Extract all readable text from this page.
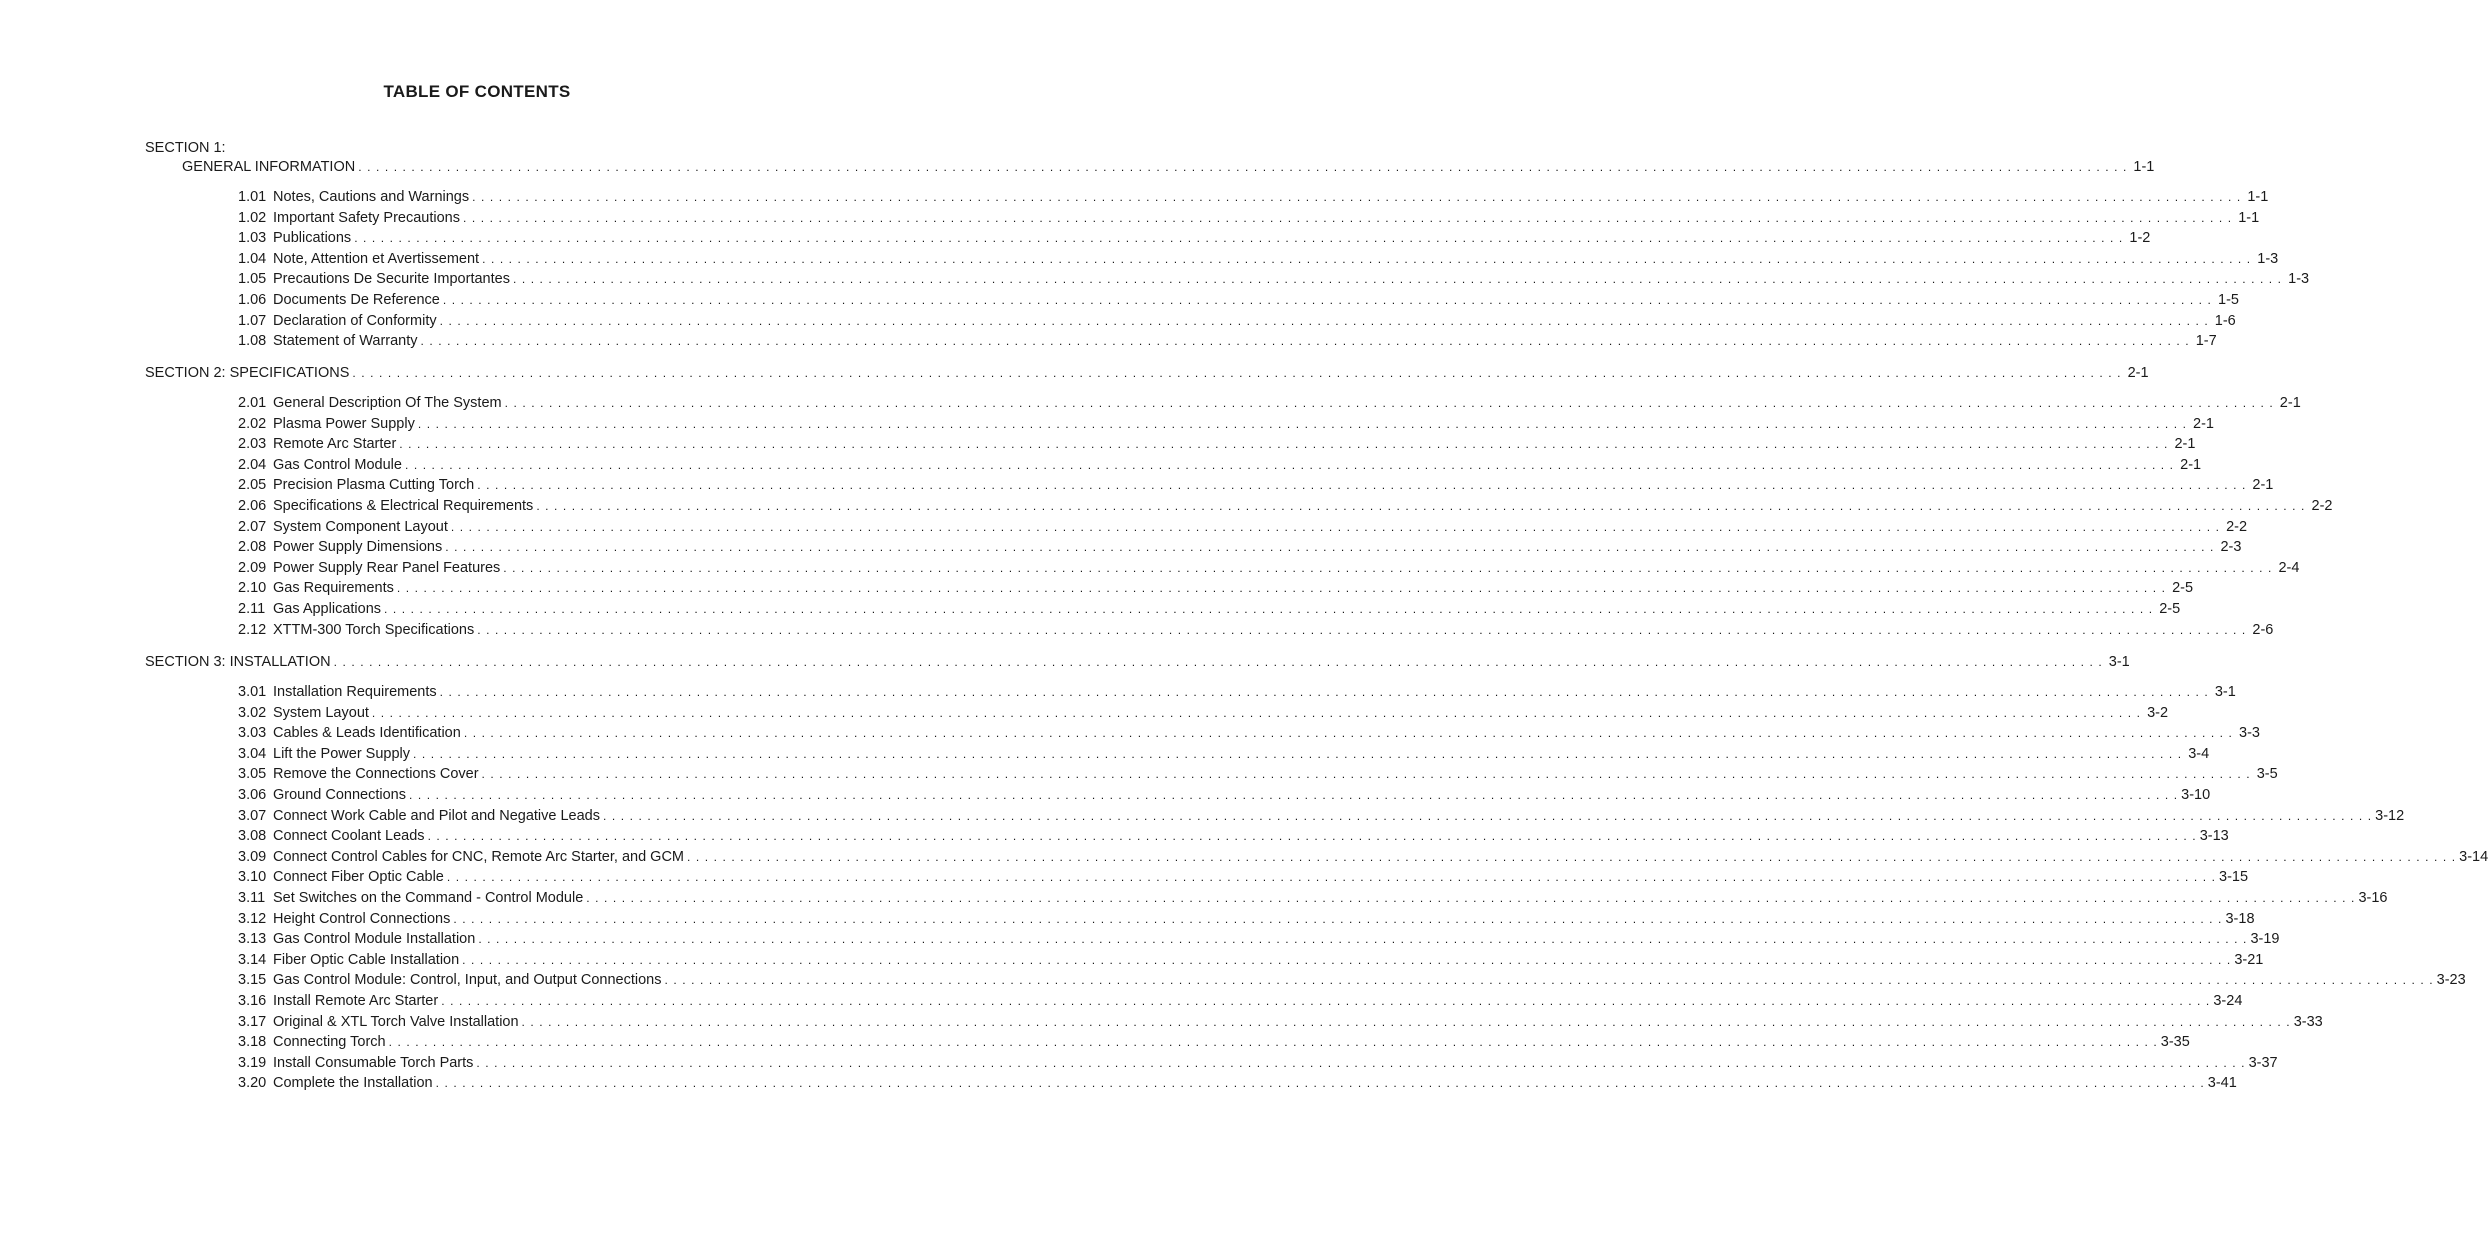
TABLE OF CONTENTS
SECTION 1:
GENERAL INFORMATION . . . . . . . . . . . . . . . . . . . . . . . . . . . . . . . . . . . . . . . . . . . . . . . . . . . . . . . . . . . . . . . . . . . . . . . . . . . . . . . . . . . . . . . . . . . . . . . . . . . . . . . . . . . . . . . . . . . . . . . . . . . . . . . . . . . . . . . . . . . . . . . . . . . . . . . . . . . . . . . . . . . . . . . . . . . . . . . . . . . . . . . . . . . . . . . . . . . . . . . . 1-1
1.01 Notes, Cautions and Warnings . . . . . . . . . . . . . . . . . . . . . . . . . . . . . . . . . . . . . . . . . . . . . . . . . . . . . . . . . . . . . . . . . . . . . . . . . . . . . . . . . . . . . . . . . . . . . . . . . . . . . . . . . . . . . . . . . . . . . . . . . . . . . . . . . . . . . . . . . . . . . . . . . . . . . . . . . . . . . . . . . . . . . . . . . . . . . . . . . . . . . . . . . . . . . . . . . . . . . . . . 1-1
1.02 Important Safety Precautions . . . . . . . . . . . . . . . . . . . . . . . . . . . . . . . . . . . . . . . . . . . . . . . . . . . . . . . . . . . . . . . . . . . . . . . . . . . . . . . . . . . . . . . . . . . . . . . . . . . . . . . . . . . . . . . . . . . . . . . . . . . . . . . . . . . . . . . . . . . . . . . . . . . . . . . . . . . . . . . . . . . . . . . . . . . . . . . . . . . . . . . . . . . . . . . . . . . . . . . . 1-1
1.03 Publications . . . . . . . . . . . . . . . . . . . . . . . . . . . . . . . . . . . . . . . . . . . . . . . . . . . . . . . . . . . . . . . . . . . . . . . . . . . . . . . . . . . . . . . . . . . . . . . . . . . . . . . . . . . . . . . . . . . . . . . . . . . . . . . . . . . . . . . . . . . . . . . . . . . . . . . . . . . . . . . . . . . . . . . . . . . . . . . . . . . . . . . . . . . . . . . . . . . . . . . . 1-2
1.04 Note, Attention et Avertissement . . . . . . . . . . . . . . . . . . . . . . . . . . . . . . . . . . . . . . . . . . . . . . . . . . . . . . . . . . . . . . . . . . . . . . . . . . . . . . . . . . . . . . . . . . . . . . . . . . . . . . . . . . . . . . . . . . . . . . . . . . . . . . . . . . . . . . . . . . . . . . . . . . . . . . . . . . . . . . . . . . . . . . . . . . . . . . . . . . . . . . . . . . . . . . . . . . . . . . . . 1-3
1.05 Precautions De Securite Importantes . . . . . . . . . . . . . . . . . . . . . . . . . . . . . . . . . . . . . . . . . . . . . . . . . . . . . . . . . . . . . . . . . . . . . . . . . . . . . . . . . . . . . . . . . . . . . . . . . . . . . . . . . . . . . . . . . . . . . . . . . . . . . . . . . . . . . . . . . . . . . . . . . . . . . . . . . . . . . . . . . . . . . . . . . . . . . . . . . . . . . . . . . . . . . . . . . . . . . . . . 1-3
1.06 Documents De Reference . . . . . . . . . . . . . . . . . . . . . . . . . . . . . . . . . . . . . . . . . . . . . . . . . . . . . . . . . . . . . . . . . . . . . . . . . . . . . . . . . . . . . . . . . . . . . . . . . . . . . . . . . . . . . . . . . . . . . . . . . . . . . . . . . . . . . . . . . . . . . . . . . . . . . . . . . . . . . . . . . . . . . . . . . . . . . . . . . . . . . . . . . . . . . . . . . . . . . . . . 1-5
1.07 Declaration of Conformity . . . . . . . . . . . . . . . . . . . . . . . . . . . . . . . . . . . . . . . . . . . . . . . . . . . . . . . . . . . . . . . . . . . . . . . . . . . . . . . . . . . . . . . . . . . . . . . . . . . . . . . . . . . . . . . . . . . . . . . . . . . . . . . . . . . . . . . . . . . . . . . . . . . . . . . . . . . . . . . . . . . . . . . . . . . . . . . . . . . . . . . . . . . . . . . . . . . . . . . . 1-6
1.08 Statement of Warranty . . . . . . . . . . . . . . . . . . . . . . . . . . . . . . . . . . . . . . . . . . . . . . . . . . . . . . . . . . . . . . . . . . . . . . . . . . . . . . . . . . . . . . . . . . . . . . . . . . . . . . . . . . . . . . . . . . . . . . . . . . . . . . . . . . . . . . . . . . . . . . . . . . . . . . . . . . . . . . . . . . . . . . . . . . . . . . . . . . . . . . . . . . . . . . . . . . . . . . . . 1-7
SECTION 2: SPECIFICATIONS . . . . . . . . . . . . . . . . . . . . . . . . . . . . . . . . . . . . . . . . . . . . . . . . . . . . . . . . . . . . . . . . . . . . . . . . . . . . . . . . . . . . . . . . . . . . . . . . . . . . . . . . . . . . . . . . . . . . . . . . . . . . . . . . . . . . . . . . . . . . . . . . . . . . . . . . . . . . . . . . . . . . . . . . . . . . . . . . . . . . . . . . . . . . . . . . . . . . . . . . 2-1
2.01 General Description Of The System . . . . . . . . . . . . . . . . . . . . . . . . . . . . . . . . . . . . . . . . . . . . . . . . . . . . . . . . . . . . . . . . . . . . . . . . . . . . . . . . . . . . . . . . . . . . . . . . . . . . . . . . . . . . . . . . . . . . . . . . . . . . . . . . . . . . . . . . . . . . . . . . . . . . . . . . . . . . . . . . . . . . . . . . . . . . . . . . . . . . . . . . . . . . . . . . . . . . . . . . 2-1
2.02 Plasma Power Supply . . . . . . . . . . . . . . . . . . . . . . . . . . . . . . . . . . . . . . . . . . . . . . . . . . . . . . . . . . . . . . . . . . . . . . . . . . . . . . . . . . . . . . . . . . . . . . . . . . . . . . . . . . . . . . . . . . . . . . . . . . . . . . . . . . . . . . . . . . . . . . . . . . . . . . . . . . . . . . . . . . . . . . . . . . . . . . . . . . . . . . . . . . . . . . . . . . . . . . . . 2-1
2.03 Remote Arc Starter . . . . . . . . . . . . . . . . . . . . . . . . . . . . . . . . . . . . . . . . . . . . . . . . . . . . . . . . . . . . . . . . . . . . . . . . . . . . . . . . . . . . . . . . . . . . . . . . . . . . . . . . . . . . . . . . . . . . . . . . . . . . . . . . . . . . . . . . . . . . . . . . . . . . . . . . . . . . . . . . . . . . . . . . . . . . . . . . . . . . . . . . . . . . . . . . . . . . . . . . 2-1
2.04 Gas Control Module . . . . . . . . . . . . . . . . . . . . . . . . . . . . . . . . . . . . . . . . . . . . . . . . . . . . . . . . . . . . . . . . . . . . . . . . . . . . . . . . . . . . . . . . . . . . . . . . . . . . . . . . . . . . . . . . . . . . . . . . . . . . . . . . . . . . . . . . . . . . . . . . . . . . . . . . . . . . . . . . . . . . . . . . . . . . . . . . . . . . . . . . . . . . . . . . . . . . . . . . 2-1
2.05 Precision Plasma Cutting Torch . . . . . . . . . . . . . . . . . . . . . . . . . . . . . . . . . . . . . . . . . . . . . . . . . . . . . . . . . . . . . . . . . . . . . . . . . . . . . . . . . . . . . . . . . . . . . . . . . . . . . . . . . . . . . . . . . . . . . . . . . . . . . . . . . . . . . . . . . . . . . . . . . . . . . . . . . . . . . . . . . . . . . . . . . . . . . . . . . . . . . . . . . . . . . . . . . . . . . . . . 2-1
2.06 Specifications & Electrical Requirements . . . . . . . . . . . . . . . . . . . . . . . . . . . . . . . . . . . . . . . . . . . . . . . . . . . . . . . . . . . . . . . . . . . . . . . . . . . . . . . . . . . . . . . . . . . . . . . . . . . . . . . . . . . . . . . . . . . . . . . . . . . . . . . . . . . . . . . . . . . . . . . . . . . . . . . . . . . . . . . . . . . . . . . . . . . . . . . . . . . . . . . . . . . . . . . . . . . . . . . . 2-2
2.07 System Component Layout . . . . . . . . . . . . . . . . . . . . . . . . . . . . . . . . . . . . . . . . . . . . . . . . . . . . . . . . . . . . . . . . . . . . . . . . . . . . . . . . . . . . . . . . . . . . . . . . . . . . . . . . . . . . . . . . . . . . . . . . . . . . . . . . . . . . . . . . . . . . . . . . . . . . . . . . . . . . . . . . . . . . . . . . . . . . . . . . . . . . . . . . . . . . . . . . . . . . . . . . 2-2
2.08 Power Supply Dimensions . . . . . . . . . . . . . . . . . . . . . . . . . . . . . . . . . . . . . . . . . . . . . . . . . . . . . . . . . . . . . . . . . . . . . . . . . . . . . . . . . . . . . . . . . . . . . . . . . . . . . . . . . . . . . . . . . . . . . . . . . . . . . . . . . . . . . . . . . . . . . . . . . . . . . . . . . . . . . . . . . . . . . . . . . . . . . . . . . . . . . . . . . . . . . . . . . . . . . . . . 2-3
2.09 Power Supply Rear Panel Features . . . . . . . . . . . . . . . . . . . . . . . . . . . . . . . . . . . . . . . . . . . . . . . . . . . . . . . . . . . . . . . . . . . . . . . . . . . . . . . . . . . . . . . . . . . . . . . . . . . . . . . . . . . . . . . . . . . . . . . . . . . . . . . . . . . . . . . . . . . . . . . . . . . . . . . . . . . . . . . . . . . . . . . . . . . . . . . . . . . . . . . . . . . . . . . . . . . . . . . . 2-4
2.10 Gas Requirements . . . . . . . . . . . . . . . . . . . . . . . . . . . . . . . . . . . . . . . . . . . . . . . . . . . . . . . . . . . . . . . . . . . . . . . . . . . . . . . . . . . . . . . . . . . . . . . . . . . . . . . . . . . . . . . . . . . . . . . . . . . . . . . . . . . . . . . . . . . . . . . . . . . . . . . . . . . . . . . . . . . . . . . . . . . . . . . . . . . . . . . . . . . . . . . . . . . . . . . . 2-5
2.11 Gas Applications . . . . . . . . . . . . . . . . . . . . . . . . . . . . . . . . . . . . . . . . . . . . . . . . . . . . . . . . . . . . . . . . . . . . . . . . . . . . . . . . . . . . . . . . . . . . . . . . . . . . . . . . . . . . . . . . . . . . . . . . . . . . . . . . . . . . . . . . . . . . . . . . . . . . . . . . . . . . . . . . . . . . . . . . . . . . . . . . . . . . . . . . . . . . . . . . . . . . . . . . 2-5
2.12 XTTM-300 Torch Specifications . . . . . . . . . . . . . . . . . . . . . . . . . . . . . . . . . . . . . . . . . . . . . . . . . . . . . . . . . . . . . . . . . . . . . . . . . . . . . . . . . . . . . . . . . . . . . . . . . . . . . . . . . . . . . . . . . . . . . . . . . . . . . . . . . . . . . . . . . . . . . . . . . . . . . . . . . . . . . . . . . . . . . . . . . . . . . . . . . . . . . . . . . . . . . . . . . . . . . . . . 2-6
SECTION 3: INSTALLATION . . . . . . . . . . . . . . . . . . . . . . . . . . . . . . . . . . . . . . . . . . . . . . . . . . . . . . . . . . . . . . . . . . . . . . . . . . . . . . . . . . . . . . . . . . . . . . . . . . . . . . . . . . . . . . . . . . . . . . . . . . . . . . . . . . . . . . . . . . . . . . . . . . . . . . . . . . . . . . . . . . . . . . . . . . . . . . . . . . . . . . . . . . . . . . . . . . . . . . . . 3-1
3.01 Installation Requirements . . . . . . . . . . . . . . . . . . . . . . . . . . . . . . . . . . . . . . . . . . . . . . . . . . . . . . . . . . . . . . . . . . . . . . . . . . . . . . . . . . . . . . . . . . . . . . . . . . . . . . . . . . . . . . . . . . . . . . . . . . . . . . . . . . . . . . . . . . . . . . . . . . . . . . . . . . . . . . . . . . . . . . . . . . . . . . . . . . . . . . . . . . . . . . . . . . . . . . . . 3-1
3.02 System Layout . . . . . . . . . . . . . . . . . . . . . . . . . . . . . . . . . . . . . . . . . . . . . . . . . . . . . . . . . . . . . . . . . . . . . . . . . . . . . . . . . . . . . . . . . . . . . . . . . . . . . . . . . . . . . . . . . . . . . . . . . . . . . . . . . . . . . . . . . . . . . . . . . . . . . . . . . . . . . . . . . . . . . . . . . . . . . . . . . . . . . . . . . . . . . . . . . . . . . . . . 3-2
3.03 Cables & Leads Identification . . . . . . . . . . . . . . . . . . . . . . . . . . . . . . . . . . . . . . . . . . . . . . . . . . . . . . . . . . . . . . . . . . . . . . . . . . . . . . . . . . . . . . . . . . . . . . . . . . . . . . . . . . . . . . . . . . . . . . . . . . . . . . . . . . . . . . . . . . . . . . . . . . . . . . . . . . . . . . . . . . . . . . . . . . . . . . . . . . . . . . . . . . . . . . . . . . . . . . . . 3-3
3.04 Lift the Power Supply . . . . . . . . . . . . . . . . . . . . . . . . . . . . . . . . . . . . . . . . . . . . . . . . . . . . . . . . . . . . . . . . . . . . . . . . . . . . . . . . . . . . . . . . . . . . . . . . . . . . . . . . . . . . . . . . . . . . . . . . . . . . . . . . . . . . . . . . . . . . . . . . . . . . . . . . . . . . . . . . . . . . . . . . . . . . . . . . . . . . . . . . . . . . . . . . . . . . . . . . 3-4
3.05 Remove the Connections Cover . . . . . . . . . . . . . . . . . . . . . . . . . . . . . . . . . . . . . . . . . . . . . . . . . . . . . . . . . . . . . . . . . . . . . . . . . . . . . . . . . . . . . . . . . . . . . . . . . . . . . . . . . . . . . . . . . . . . . . . . . . . . . . . . . . . . . . . . . . . . . . . . . . . . . . . . . . . . . . . . . . . . . . . . . . . . . . . . . . . . . . . . . . . . . . . . . . . . . . . . 3-5
3.06 Ground Connections . . . . . . . . . . . . . . . . . . . . . . . . . . . . . . . . . . . . . . . . . . . . . . . . . . . . . . . . . . . . . . . . . . . . . . . . . . . . . . . . . . . . . . . . . . . . . . . . . . . . . . . . . . . . . . . . . . . . . . . . . . . . . . . . . . . . . . . . . . . . . . . . . . . . . . . . . . . . . . . . . . . . . . . . . . . . . . . . . . . . . . . . . . . . . . . . . . . . . . . . 3-10
3.07 Connect Work Cable and Pilot and Negative Leads . . . . . . . . . . . . . . . . . . . . . . . . . . . . . . . . . . . . . . . . . . . . . . . . . . . . . . . . . . . . . . . . . . . . . . . . . . . . . . . . . . . . . . . . . . . . . . . . . . . . . . . . . . . . . . . . . . . . . . . . . . . . . . . . . . . . . . . . . . . . . . . . . . . . . . . . . . . . . . . . . . . . . . . . . . . . . . . . . . . . . . . . . . . . . . . . . . . . . . . . 3-12
3.08 Connect Coolant Leads . . . . . . . . . . . . . . . . . . . . . . . . . . . . . . . . . . . . . . . . . . . . . . . . . . . . . . . . . . . . . . . . . . . . . . . . . . . . . . . . . . . . . . . . . . . . . . . . . . . . . . . . . . . . . . . . . . . . . . . . . . . . . . . . . . . . . . . . . . . . . . . . . . . . . . . . . . . . . . . . . . . . . . . . . . . . . . . . . . . . . . . . . . . . . . . . . . . . . . . . 3-13
3.09 Connect Control Cables for CNC, Remote Arc Starter, and GCM . . . . . . . . . . . . . . . . . . . . . . . . . . . . . . . . . . . . . . . . . . . . . . . . . . . . . . . . . . . . . . . . . . . . . . . . . . . . . . . . . . . . . . . . . . . . . . . . . . . . . . . . . . . . . . . . . . . . . . . . . . . . . . . . . . . . . . . . . . . . . . . . . . . . . . . . . . . . . . . . . . . . . . . . . . . . . . . . . . . . . . . . . . . . . . . . . . . . . . . . 3-14
3.10 Connect Fiber Optic Cable . . . . . . . . . . . . . . . . . . . . . . . . . . . . . . . . . . . . . . . . . . . . . . . . . . . . . . . . . . . . . . . . . . . . . . . . . . . . . . . . . . . . . . . . . . . . . . . . . . . . . . . . . . . . . . . . . . . . . . . . . . . . . . . . . . . . . . . . . . . . . . . . . . . . . . . . . . . . . . . . . . . . . . . . . . . . . . . . . . . . . . . . . . . . . . . . . . . . . . . . 3-15
3.11 Set Switches on the Command - Control Module . . . . . . . . . . . . . . . . . . . . . . . . . . . . . . . . . . . . . . . . . . . . . . . . . . . . . . . . . . . . . . . . . . . . . . . . . . . . . . . . . . . . . . . . . . . . . . . . . . . . . . . . . . . . . . . . . . . . . . . . . . . . . . . . . . . . . . . . . . . . . . . . . . . . . . . . . . . . . . . . . . . . . . . . . . . . . . . . . . . . . . . . . . . . . . . . . . . . . . . . 3-16
3.12 Height Control Connections . . . . . . . . . . . . . . . . . . . . . . . . . . . . . . . . . . . . . . . . . . . . . . . . . . . . . . . . . . . . . . . . . . . . . . . . . . . . . . . . . . . . . . . . . . . . . . . . . . . . . . . . . . . . . . . . . . . . . . . . . . . . . . . . . . . . . . . . . . . . . . . . . . . . . . . . . . . . . . . . . . . . . . . . . . . . . . . . . . . . . . . . . . . . . . . . . . . . . . . . 3-18
3.13 Gas Control Module Installation . . . . . . . . . . . . . . . . . . . . . . . . . . . . . . . . . . . . . . . . . . . . . . . . . . . . . . . . . . . . . . . . . . . . . . . . . . . . . . . . . . . . . . . . . . . . . . . . . . . . . . . . . . . . . . . . . . . . . . . . . . . . . . . . . . . . . . . . . . . . . . . . . . . . . . . . . . . . . . . . . . . . . . . . . . . . . . . . . . . . . . . . . . . . . . . . . . . . . . . . 3-19
3.14 Fiber Optic Cable Installation . . . . . . . . . . . . . . . . . . . . . . . . . . . . . . . . . . . . . . . . . . . . . . . . . . . . . . . . . . . . . . . . . . . . . . . . . . . . . . . . . . . . . . . . . . . . . . . . . . . . . . . . . . . . . . . . . . . . . . . . . . . . . . . . . . . . . . . . . . . . . . . . . . . . . . . . . . . . . . . . . . . . . . . . . . . . . . . . . . . . . . . . . . . . . . . . . . . . . . . . 3-21
3.15 Gas Control Module: Control, Input, and Output Connections . . . . . . . . . . . . . . . . . . . . . . . . . . . . . . . . . . . . . . . . . . . . . . . . . . . . . . . . . . . . . . . . . . . . . . . . . . . . . . . . . . . . . . . . . . . . . . . . . . . . . . . . . . . . . . . . . . . . . . . . . . . . . . . . . . . . . . . . . . . . . . . . . . . . . . . . . . . . . . . . . . . . . . . . . . . . . . . . . . . . . . . . . . . . . . . . . . . . . . . . 3-23
3.16 Install Remote Arc Starter . . . . . . . . . . . . . . . . . . . . . . . . . . . . . . . . . . . . . . . . . . . . . . . . . . . . . . . . . . . . . . . . . . . . . . . . . . . . . . . . . . . . . . . . . . . . . . . . . . . . . . . . . . . . . . . . . . . . . . . . . . . . . . . . . . . . . . . . . . . . . . . . . . . . . . . . . . . . . . . . . . . . . . . . . . . . . . . . . . . . . . . . . . . . . . . . . . . . . . . . 3-24
3.17 Original & XTL Torch Valve Installation . . . . . . . . . . . . . . . . . . . . . . . . . . . . . . . . . . . . . . . . . . . . . . . . . . . . . . . . . . . . . . . . . . . . . . . . . . . . . . . . . . . . . . . . . . . . . . . . . . . . . . . . . . . . . . . . . . . . . . . . . . . . . . . . . . . . . . . . . . . . . . . . . . . . . . . . . . . . . . . . . . . . . . . . . . . . . . . . . . . . . . . . . . . . . . . . . . . . . . . . 3-33
3.18 Connecting Torch . . . . . . . . . . . . . . . . . . . . . . . . . . . . . . . . . . . . . . . . . . . . . . . . . . . . . . . . . . . . . . . . . . . . . . . . . . . . . . . . . . . . . . . . . . . . . . . . . . . . . . . . . . . . . . . . . . . . . . . . . . . . . . . . . . . . . . . . . . . . . . . . . . . . . . . . . . . . . . . . . . . . . . . . . . . . . . . . . . . . . . . . . . . . . . . . . . . . . . . . 3-35
3.19 Install Consumable Torch Parts . . . . . . . . . . . . . . . . . . . . . . . . . . . . . . . . . . . . . . . . . . . . . . . . . . . . . . . . . . . . . . . . . . . . . . . . . . . . . . . . . . . . . . . . . . . . . . . . . . . . . . . . . . . . . . . . . . . . . . . . . . . . . . . . . . . . . . . . . . . . . . . . . . . . . . . . . . . . . . . . . . . . . . . . . . . . . . . . . . . . . . . . . . . . . . . . . . . . . . . . 3-37
3.20 Complete the Installation . . . . . . . . . . . . . . . . . . . . . . . . . . . . . . . . . . . . . . . . . . . . . . . . . . . . . . . . . . . . . . . . . . . . . . . . . . . . . . . . . . . . . . . . . . . . . . . . . . . . . . . . . . . . . . . . . . . . . . . . . . . . . . . . . . . . . . . . . . . . . . . . . . . . . . . . . . . . . . . . . . . . . . . . . . . . . . . . . . . . . . . . . . . . . . . . . . . . . . . . 3-41
